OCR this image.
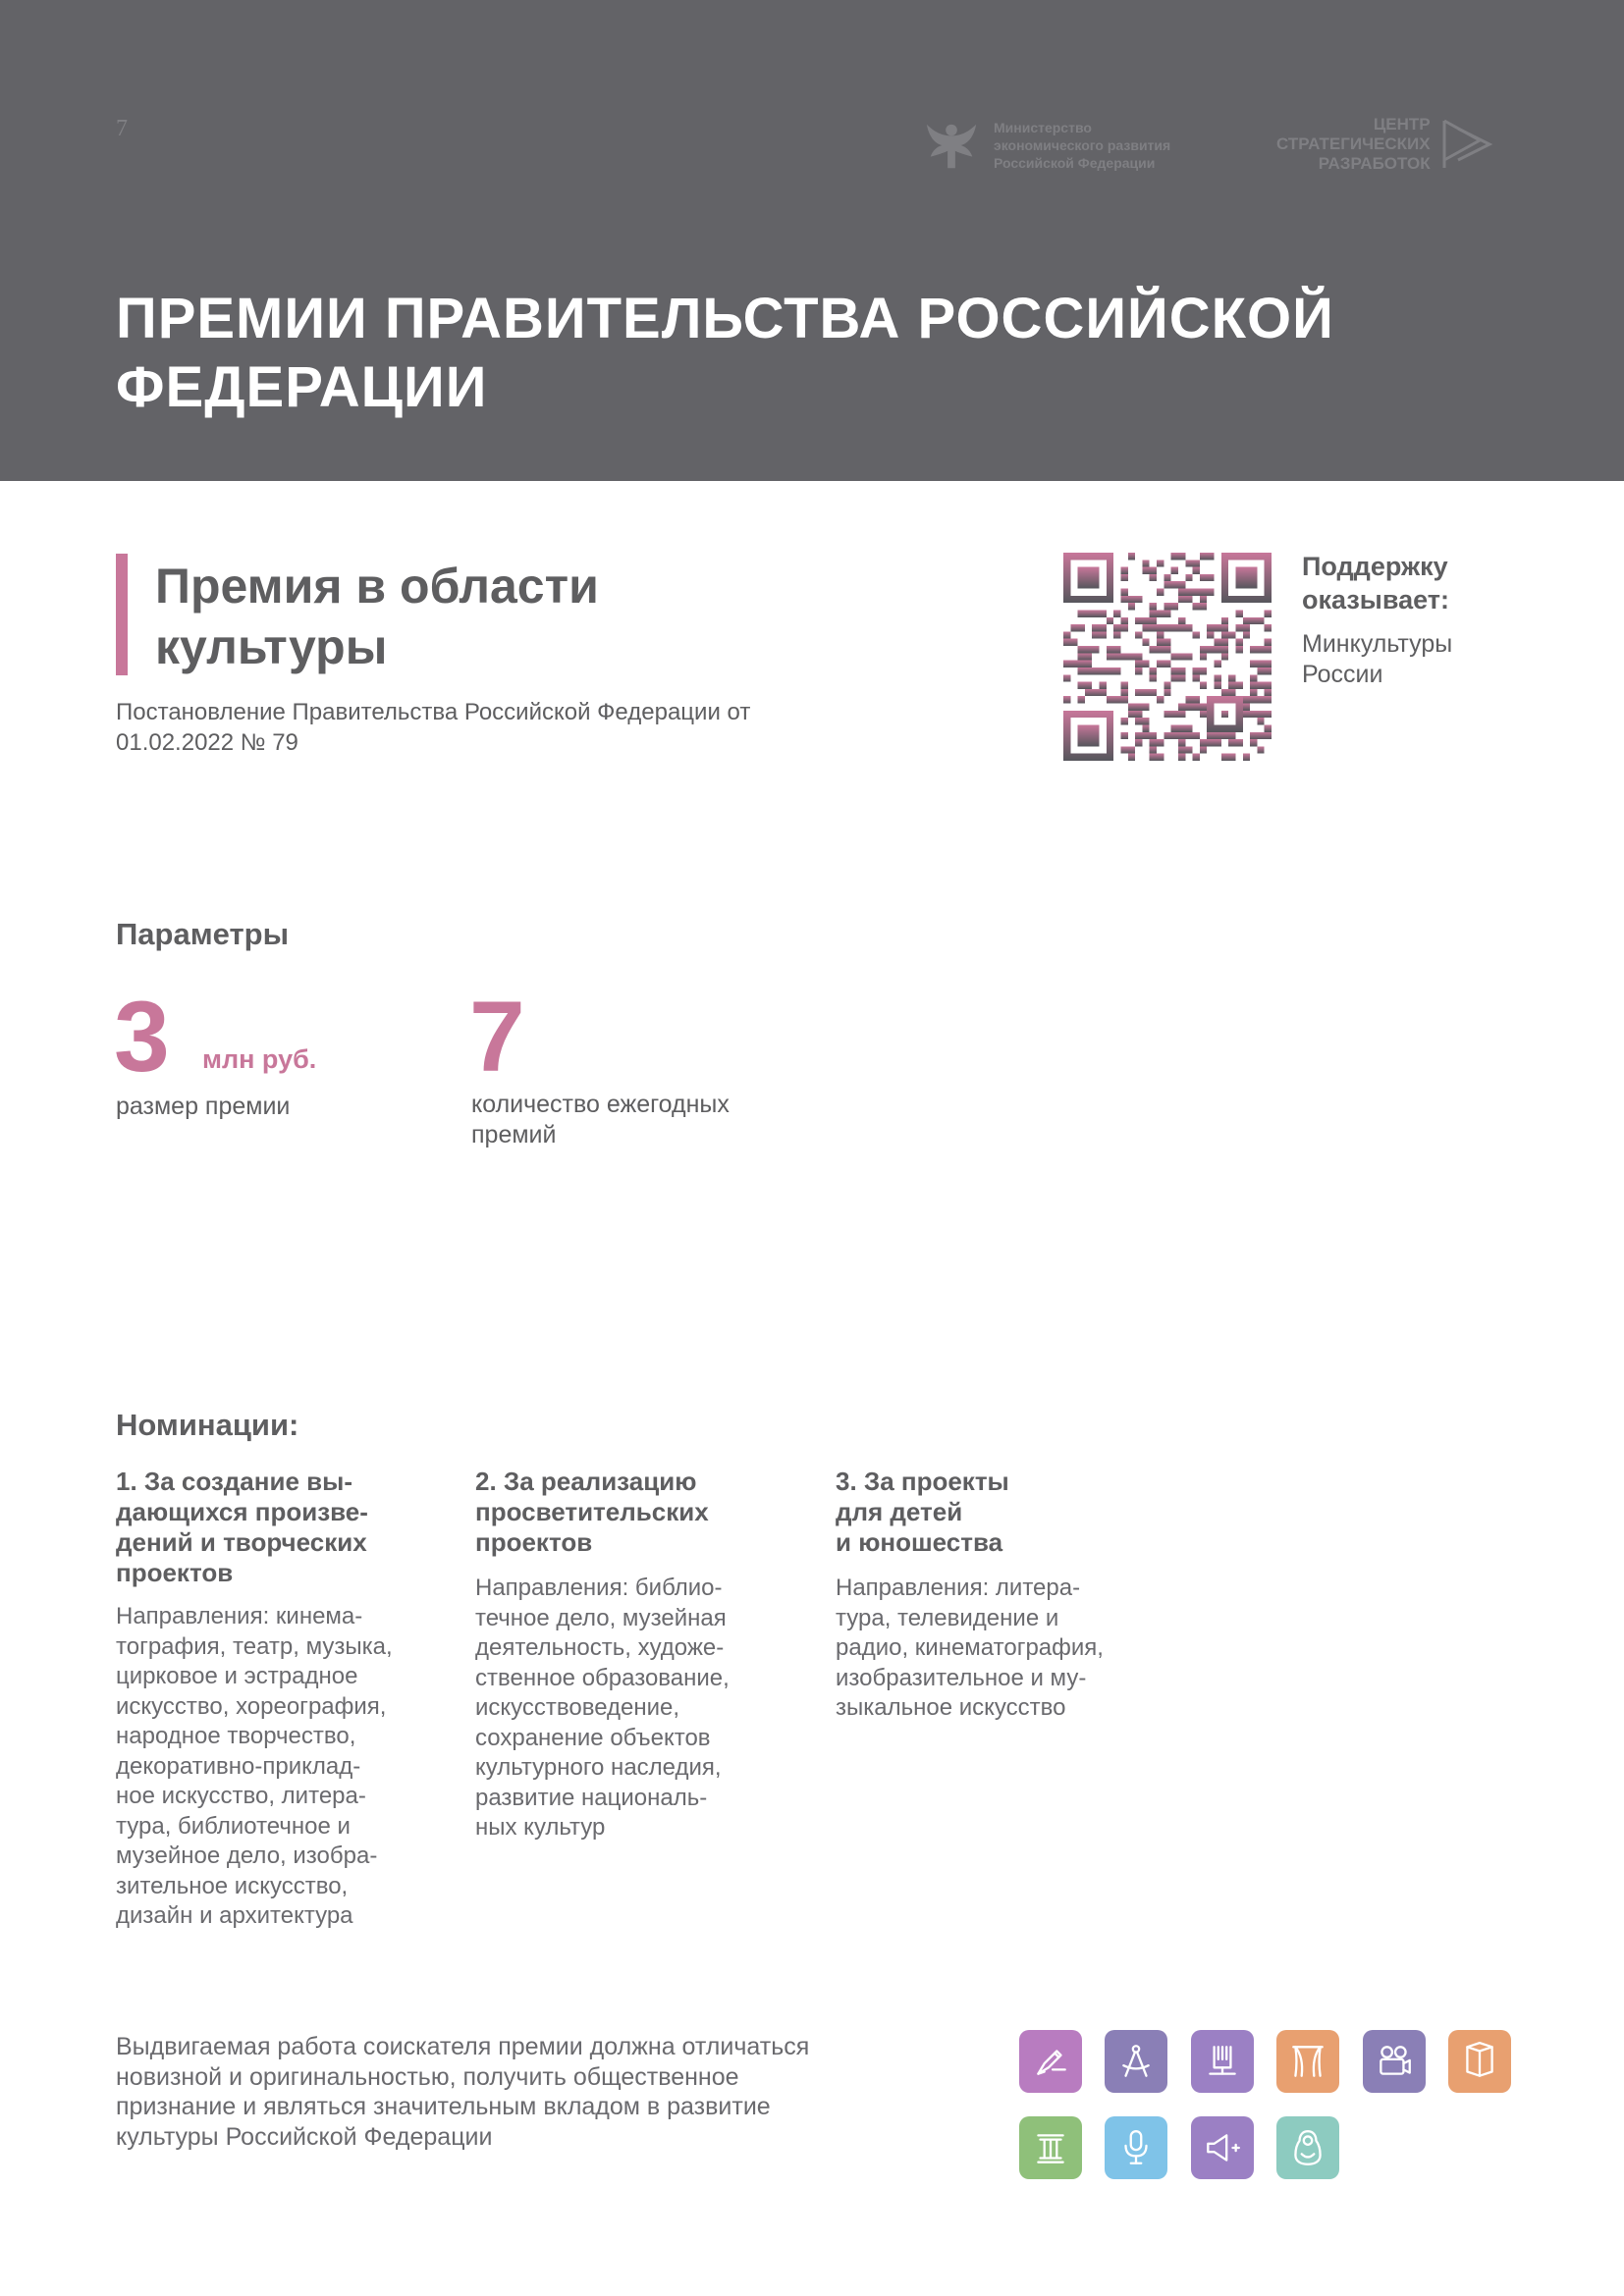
7	Министерство
экономического развития
Российской Федерации
ЦЕНТР
СТРАТЕГИЧЕСКИХ
РАЗРАБОТОК
ПРЕМИИ ПРАВИТЕЛЬСТВА РОССИЙСКОЙ ФЕДЕРАЦИИ
Премия в области культуры
Постановление Правительства Российской Федерации от 01.02.2022 № 79
Поддержку оказывает:
Минкультуры России
Параметры
3 млн руб.
размер премии
7
количество ежегодных премий
Номинации:
1. За создание вы-
дающихся произве-
дений и творческих
проектов
Направления: кинема-
тография, театр, музыка,
цирковое и эстрадное
искусство, хореография,
народное творчество,
декоративно-приклад-
ное искусство, литера-
тура, библиотечное и
музейное дело, изобра-
зительное искусство,
дизайн и архитектура
2. За реализацию
просветительских
проектов
Направления: библио-
течное дело, музейная
деятельность, художе-
ственное образование,
искусствоведение,
сохранение объектов
культурного наследия,
развитие националь-
ных культур
3. За проекты
для детей
и юношества
Направления: литера-
тура, телевидение и
радио, кинематография,
изобразительное и му-
зыкальное искусство
Выдвигаемая работа соискателя премии должна отличаться
новизной и оригинальностью, получить общественное
признание и являться значительным вкладом в развитие
культуры Российской Федерации
